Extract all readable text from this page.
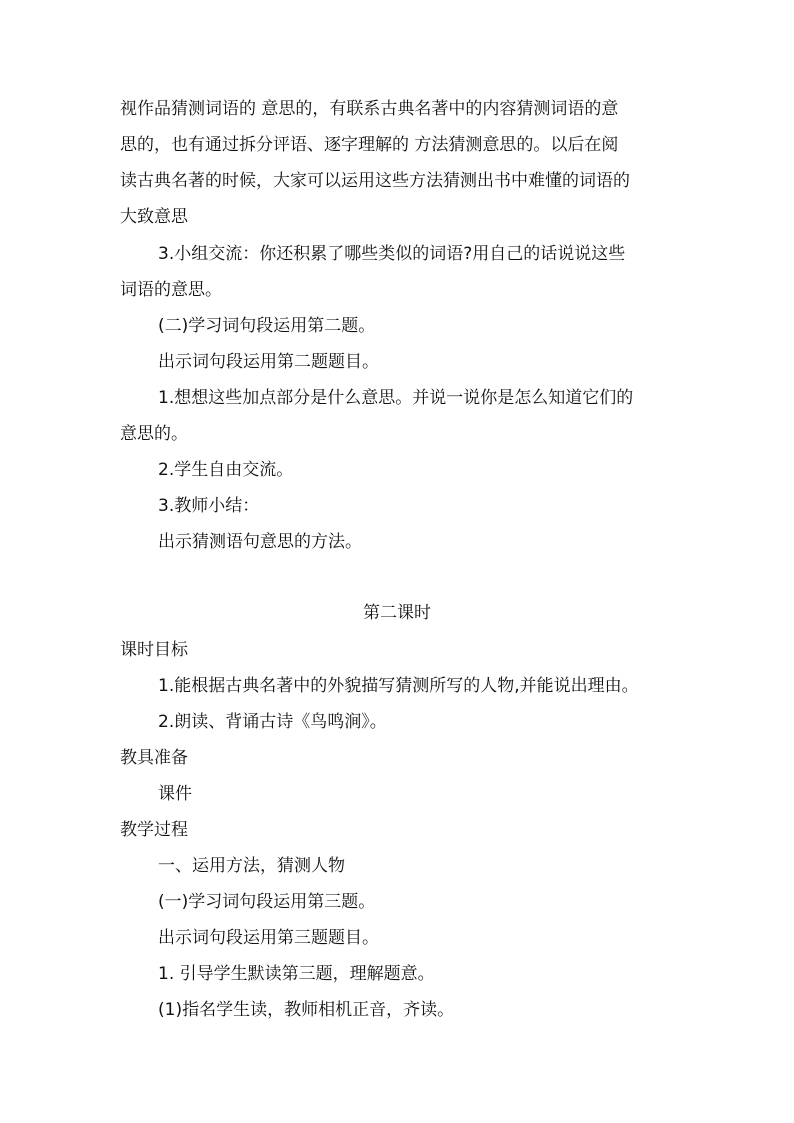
视作品猜测词语的 意思的，有联系古典名著中的内容猜测词语的意
思的，也有通过拆分评语、逐字理解的 方法猜测意思的。以后在阅
读古典名著的时候，大家可以运用这些方法猜测出书中难懂的词语的
大致意思
3.小组交流：你还积累了哪些类似的词语?用自己的话说说这些
词语的意思。
(二)学习词句段运用第二题。
出示词句段运用第二题题目。
1.想想这些加点部分是什么意思。并说一说你是怎么知道它们的
意思的。
2.学生自由交流。
3.教师小结：
出示猜测语句意思的方法。
第二课时
课时目标
1.能根据古典名著中的外貌描写猜测所写的人物,并能说出理由。
2.朗读、背诵古诗《鸟鸣涧》。
教具准备
课件
教学过程
一、运用方法，猜测人物
(一)学习词句段运用第三题。
出示词句段运用第三题题目。
1. 引导学生默读第三题，理解题意。
(1)指名学生读，教师相机正音，齐读。
